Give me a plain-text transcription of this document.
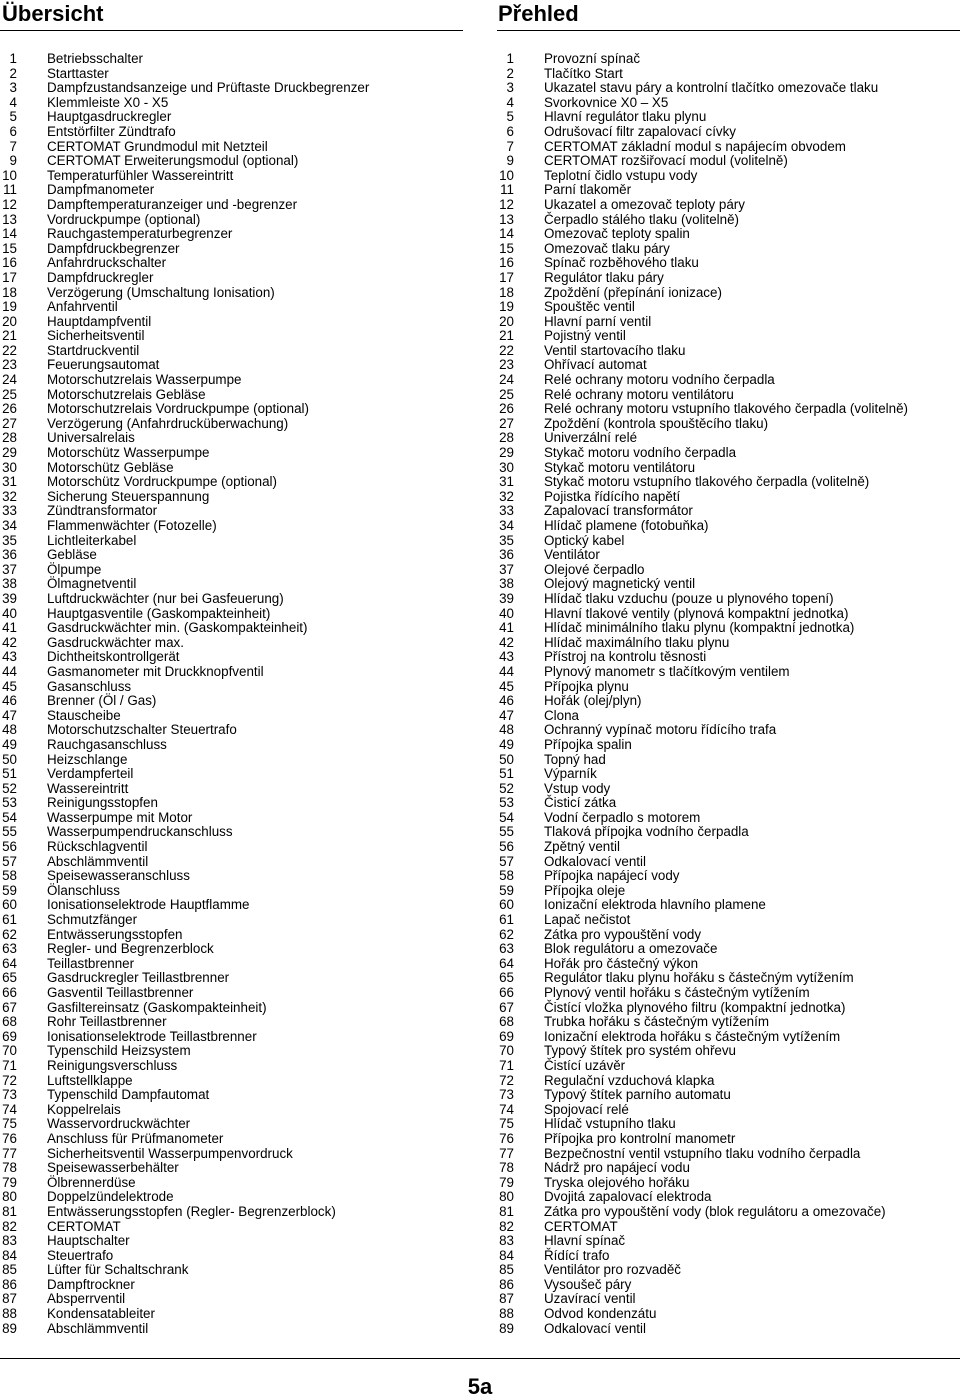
Übersicht
1 Betriebsschalter
2 Starttaster
3 Dampfzustandsanzeige und Prüftaste Druckbegrenzer
4 Klemmleiste X0 - X5
5 Hauptgasdruckregler
6 Entstörfilter Zündtrafo
7 CERTOMAT Grundmodul mit Netzteil
9 CERTOMAT Erweiterungsmodul (optional)
10 Temperaturfühler Wassereintritt
11 Dampfmanometer
12 Dampftemperaturanzeiger und -begrenzer
13 Vordruckpumpe (optional)
14 Rauchgastemperaturbegrenzer
15 Dampfdruckbegrenzer
16 Anfahrdruckschalter
17 Dampfdruckregler
18 Verzögerung (Umschaltung Ionisation)
19 Anfahrventil
20 Hauptdampfventil
21 Sicherheitsventil
22 Startdruckventil
23 Feuerungsautomat
24 Motorschutzrelais Wasserpumpe
25 Motorschutzrelais Gebläse
26 Motorschutzrelais Vordruckpumpe (optional)
27 Verzögerung (Anfahrdrucküberwachung)
28 Universalrelais
29 Motorschütz Wasserpumpe
30 Motorschütz Gebläse
31 Motorschütz Vordruckpumpe (optional)
32 Sicherung Steuerspannung
33 Zündtransformator
34 Flammenwächter (Fotozelle)
35 Lichtleiterkabel
36 Gebläse
37 Ölpumpe
38 Ölmagnetventil
39 Luftdruckwächter (nur bei Gasfeuerung)
40 Hauptgasventile (Gaskompakteinheit)
41 Gasdruckwächter min. (Gaskompakteinheit)
42 Gasdruckwächter max.
43 Dichtheitskontrollgerät
44 Gasmanometer mit Druckknopfventil
45 Gasanschluss
46 Brenner (Öl / Gas)
47 Stauscheibe
48 Motorschutzschalter Steuertrafo
49 Rauchgasanschluss
50 Heizschlange
51 Verdampferteil
52 Wassereintritt
53 Reinigungsstopfen
54 Wasserpumpe mit Motor
55 Wasserpumpendruckanschluss
56 Rückschlagventil
57 Abschlämmventil
58 Speisewasseranschluss
59 Ölanschluss
60 Ionisationselektrode Hauptflamme
61 Schmutzfänger
62 Entwässerungsstopfen
63 Regler- und Begrenzerblock
64 Teillastbrenner
65 Gasdruckregler Teillastbrenner
66 Gasventil Teillastbrenner
67 Gasfiltereinsatz (Gaskompakteinheit)
68 Rohr Teillastbrenner
69 Ionisationselektrode Teillastbrenner
70 Typenschild Heizsystem
71 Reinigungsverschluss
72 Luftstellklappe
73 Typenschild Dampfautomat
74 Koppelrelais
75 Wasservordruckwächter
76 Anschluss für Prüfmanometer
77 Sicherheitsventil Wasserpumpenvordruck
78 Speisewasserbehälter
79 Ölbrennerdüse
80 Doppelzündelektrode
81 Entwässerungsstopfen (Regler- Begrenzerblock)
82 CERTOMAT
83 Hauptschalter
84 Steuertrafo
85 Lüfter für Schaltschrank
86 Dampftrockner
87 Absperrventil
88 Kondensatableiter
89 Abschlämmventil
Přehled
1 Provozní spínač
2 Tlačítko Start
3 Ukazatel stavu páry a kontrolní tlačítko omezovače tlaku
4 Svorkovnice X0 – X5
5 Hlavní regulátor tlaku plynu
6 Odrušovací filtr zapalovací cívky
7 CERTOMAT základní modul s napájecím obvodem
9 CERTOMAT rozšiřovací modul (volitelně)
10 Teplotní čidlo vstupu vody
11 Parní tlakoměr
12 Ukazatel a omezovač teploty páry
13 Čerpadlo stálého tlaku (volitelně)
14 Omezovač teploty spalin
15 Omezovač tlaku páry
16 Spínač rozběhového tlaku
17 Regulátor tlaku páry
18 Zpoždění (přepínání ionizace)
19 Spouštěc ventil
20 Hlavní parní ventil
21 Pojistný ventil
22 Ventil startovacího tlaku
23 Ohřívací automat
24 Relé ochrany motoru vodního čerpadla
25 Relé ochrany motoru ventilátoru
26 Relé ochrany motoru vstupního tlakového čerpadla (volitelně)
27 Zpoždění (kontrola spouštěcího tlaku)
28 Univerzální relé
29 Stykač motoru vodního čerpadla
30 Stykač motoru ventilátoru
31 Stykač motoru vstupního tlakového čerpadla (volitelně)
32 Pojistka řídícího napětí
33 Zapalovací transformátor
34 Hlídač plamene (fotobuňka)
35 Optický kabel
36 Ventilátor
37 Olejové čerpadlo
38 Olejový magnetický ventil
39 Hlídač tlaku vzduchu (pouze u plynového topení)
40 Hlavní tlakové ventily (plynová kompaktní jednotka)
41 Hlídač minimálního tlaku plynu (kompaktní jednotka)
42 Hlídač maximálního tlaku plynu
43 Přístroj na kontrolu těsnosti
44 Plynový manometr s tlačítkovým ventilem
45 Přípojka plynu
46 Hořák (olej/plyn)
47 Clona
48 Ochranný vypínač motoru řídícího trafa
49 Přípojka spalin
50 Topný had
51 Výparník
52 Vstup vody
53 Čisticí zátka
54 Vodní čerpadlo s motorem
55 Tlaková přípojka vodního čerpadla
56 Zpětný ventil
57 Odkalovací ventil
58 Přípojka napájecí vody
59 Přípojka oleje
60 Ionizační elektroda hlavního plamene
61 Lapač nečistot
62 Zátka pro vypouštění vody
63 Blok regulátoru a omezovače
64 Hořák pro částečný výkon
65 Regulátor tlaku plynu hořáku s částečným vytížením
66 Plynový ventil hořáku s částečným vytížením
67 Čistící vložka plynového filtru (kompaktní jednotka)
68 Trubka hořáku s částečným vytížením
69 Ionizační elektroda hořáku s částečným vytížením
70 Typový štítek pro systém ohřevu
71 Čistící uzávěr
72 Regulační vzduchová klapka
73 Typový štítek parního automatu
74 Spojovací relé
75 Hlídač vstupního tlaku
76 Přípojka pro kontrolní manometr
77 Bezpečnostní ventil vstupního tlaku vodního čerpadla
78 Nádrž pro napájecí vodu
79 Tryska olejového hořáku
80 Dvojitá zapalovací elektroda
81 Zátka pro vypouštění vody (blok regulátoru a omezovače)
82 CERTOMAT
83 Hlavní spínač
84 Řídící trafo
85 Ventilátor pro rozvaděč
86 Vysoušeč páry
87 Uzavírací ventil
88 Odvod kondenzátu
89 Odkalovací ventil
5a
